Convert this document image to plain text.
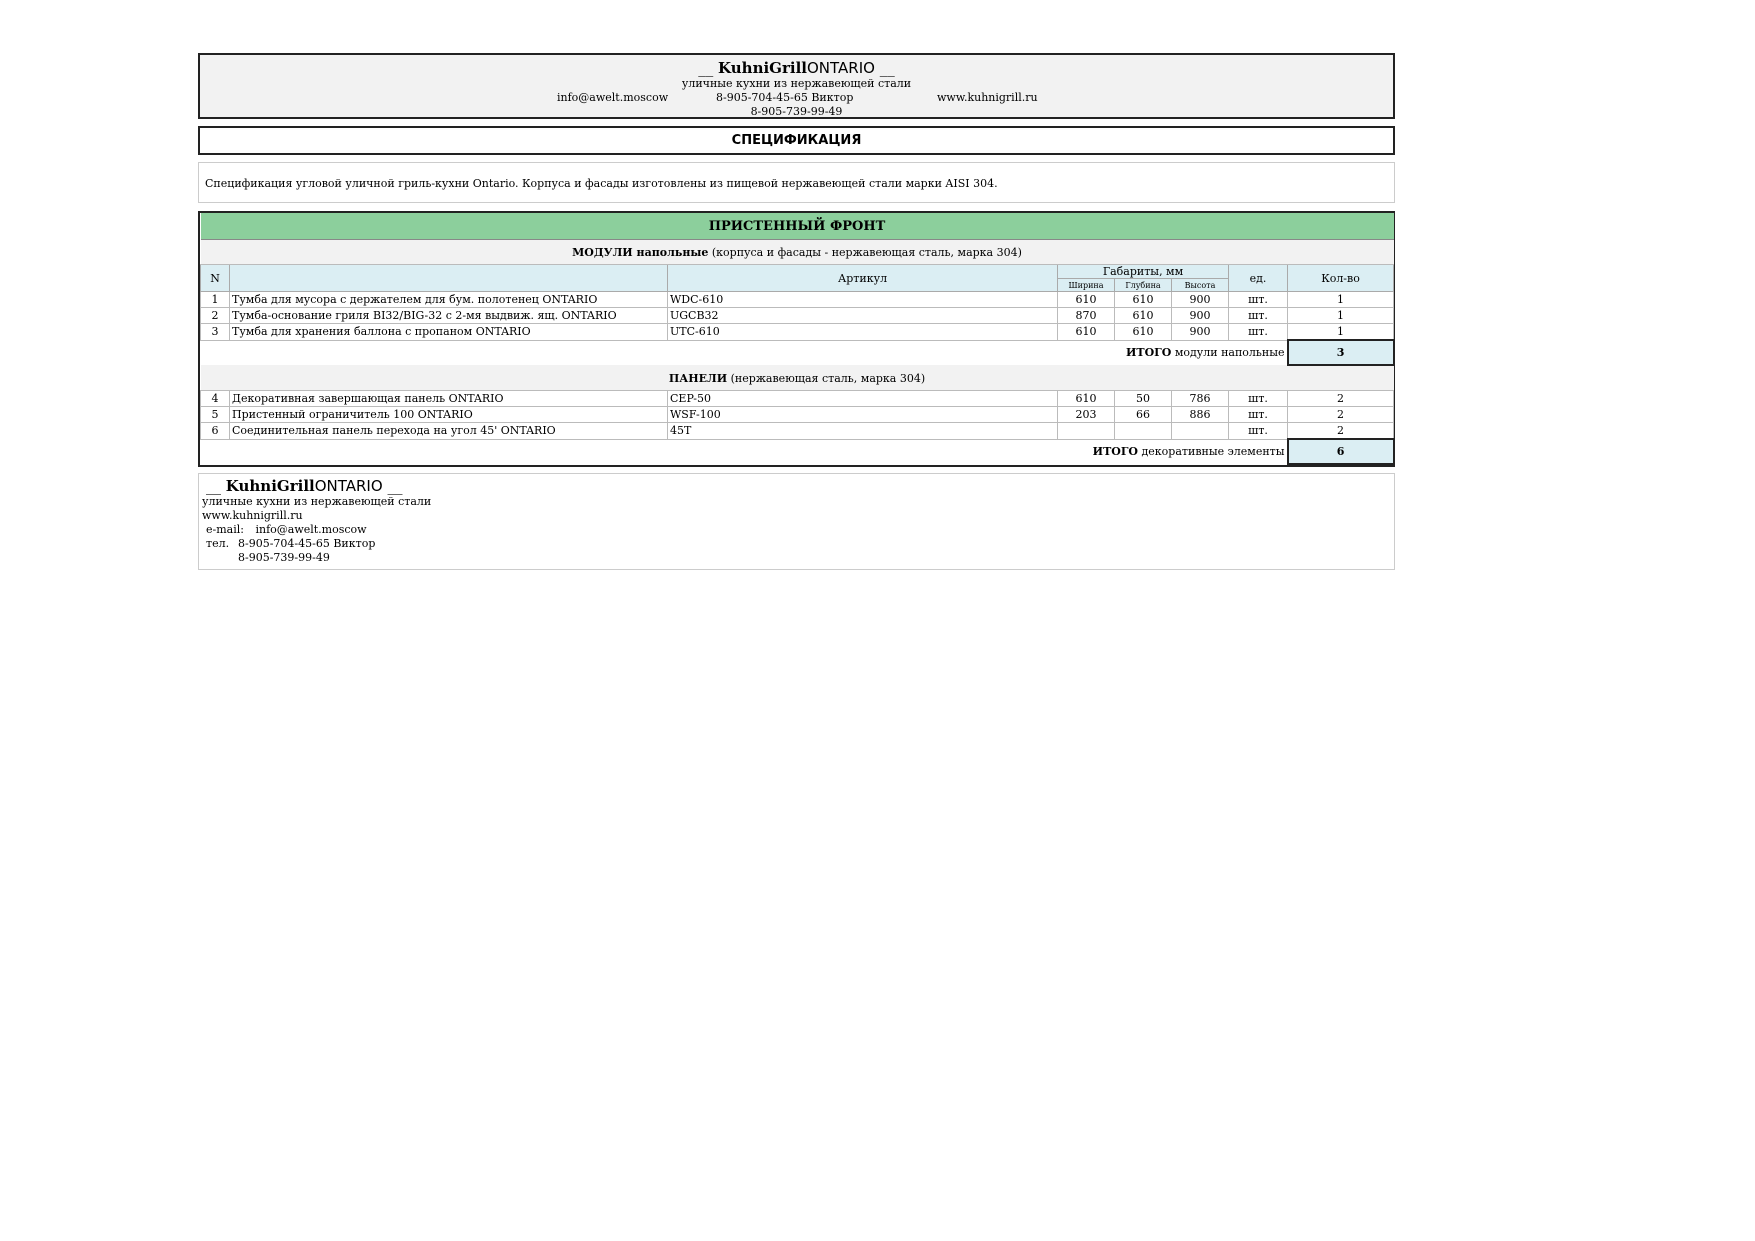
__ KuhniGrillONTARIO __
уличные кухни из нержавеющей стали
info@awelt.moscow	8-905-704-45-65 Виктор	www.kuhnigrill.ru
8-905-739-99-49
СПЕЦИФИКАЦИЯ
Спецификация угловой уличной гриль-кухни Ontario. Корпуса и фасады изготовлены из пищевой нержавеющей стали марки AISI 304.
ПРИСТЕННЫЙ ФРОНТ							
МОДУЛИ напольные (корпуса и фасады - нержавеющая сталь, марка 304)							
N		Артикул	Габариты, мм			ед.	Кол-во
			Ширина	Глубина	Высота		
1	Тумба для мусора с держателем для бум. полотенец ONTARIO	WDC-610	610	610	900	шт.	1
2	Тумба-основание гриля BI32/BIG-32 с 2-мя выдвиж. ящ. ONTARIO	UGCB32	870	610	900	шт.	1
3	Тумба для хранения баллона с пропаном ONTARIO	UTC-610	610	610	900	шт.	1
ИТОГО модули напольные							3
ПАНЕЛИ (нержавеющая сталь, марка 304)							
4	Декоративная завершающая панель ONTARIO	CEP-50	610	50	786	шт.	2
5	Пристенный ограничитель 100 ONTARIO	WSF-100	203	66	886	шт.	2
6	Соединительная панель перехода на угол 45' ONTARIO	45T				шт.	2
ИТОГО декоративные элементы							6
__ KuhniGrillONTARIO __
уличные кухни из нержавеющей стали
www.kuhnigrill.ru
e-mail: info@awelt.moscow
тел. 8-905-704-45-65 Виктор
8-905-739-99-49
